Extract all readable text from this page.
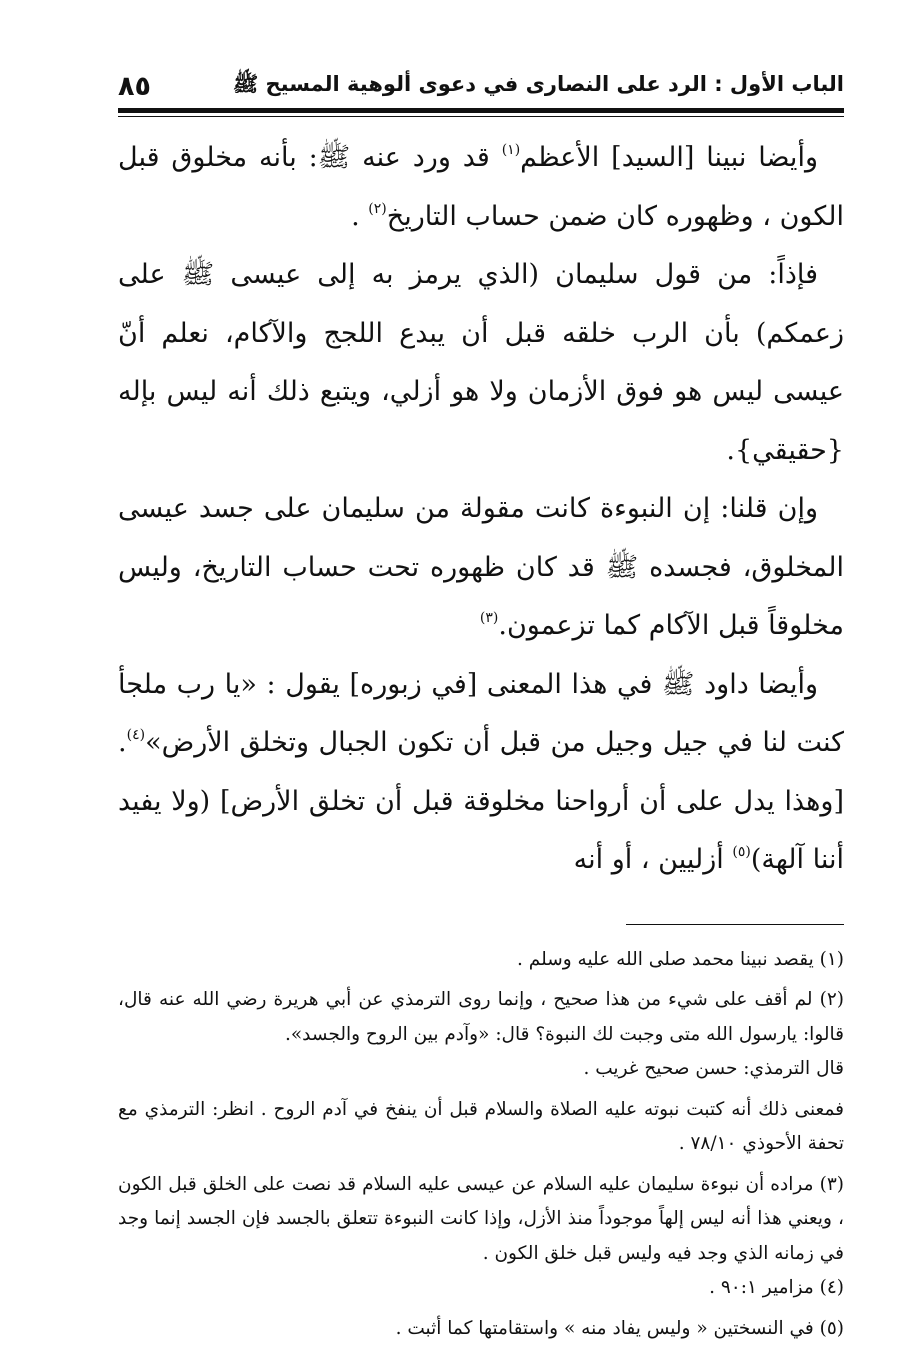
الباب الأول : الرد على النصارى في دعوى ألوهية المسيح ﷺ
٨٥

وأيضا نبينا [السيد] الأعظم$^{(١)}$ قد ورد عنه ﷺ: بأنه مخلوق قبل الكون ، وظهوره كان ضمن حساب التاريخ$^{(٢)}$ .

فإذاً: من قول سليمان (الذي يرمز به إلى عيسى ﷺ على زعمكم) بأن الرب خلقه قبل أن يبدع اللجج والآكام، نعلم أنّ عيسى ليس هو فوق الأزمان ولا هو أزلي، ويتبع ذلك أنه ليس بإله {حقيقي}.

وإن قلنا: إن النبوءة كانت مقولة من سليمان على جسد عيسى المخلوق، فجسده ﷺ قد كان ظهوره تحت حساب التاريخ، وليس مخلوقاً قبل الآكام كما تزعمون.$^{(٣)}$

وأيضا داود ﷺ في هذا المعنى [في زبوره] يقول : «يا رب ملجأ كنت لنا في جيل وجيل من قبل أن تكون الجبال وتخلق الأرض»$^{(٤)}$. [وهذا يدل على أن أرواحنا مخلوقة قبل أن تخلق الأرض] (ولا يفيد أننا آلهة)$^{(٥)}$ أزليين ، أو أنه

(١) يقصد نبينا محمد صلى الله عليه وسلم .

(٢) لم أقف على شيء من هذا صحيح ، وإنما روى الترمذي عن أبي هريرة رضي الله عنه قال، قالوا: يارسول الله متى وجبت لك النبوة؟ قال: «وآدم بين الروح والجسد».

قال الترمذي: حسن صحيح غريب .

فمعنى ذلك أنه كتبت نبوته عليه الصلاة والسلام قبل أن ينفخ في آدم الروح . انظر: الترمذي مع تحفة الأحوذي ٧٨/١٠ .

(٣) مراده أن نبوءة سليمان عليه السلام عن عيسى عليه السلام قد نصت على الخلق قبل الكون ، ويعني هذا أنه ليس إلهاً موجوداً منذ الأزل، وإذا كانت النبوءة تتعلق بالجسد فإن الجسد إنما وجد في زمانه الذي وجد فيه وليس قبل خلق الكون .

(٤) مزامير ٩٠:١ .

(٥) في النسختين « وليس يفاد منه » واستقامتها كما أثبت .
